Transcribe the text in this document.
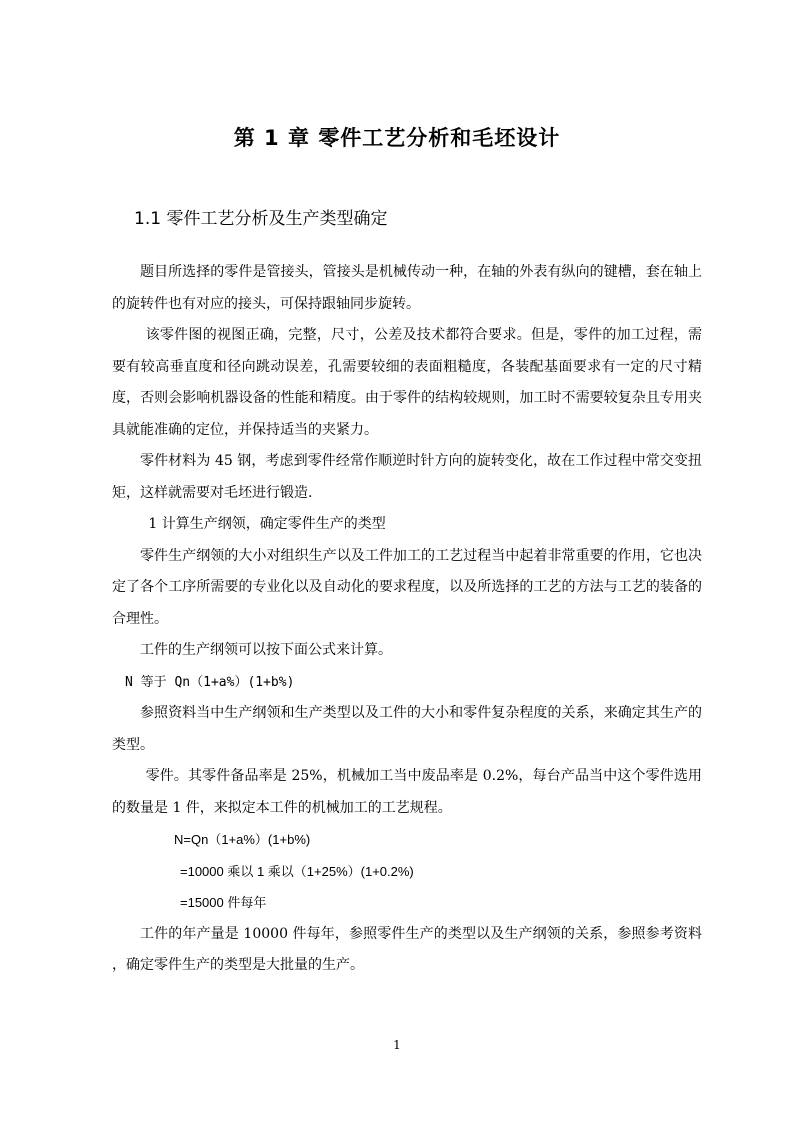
第 1 章 零件工艺分析和毛坯设计
1.1 零件工艺分析及生产类型确定

题目所选择的零件是管接头，管接头是机械传动一种，在轴的外表有纵向的键槽，套在轴上的旋转件也有对应的接头，可保持跟轴同步旋转。

该零件图的视图正确，完整，尺寸，公差及技术都符合要求。但是，零件的加工过程，需要有较高垂直度和径向跳动误差，孔需要较细的表面粗糙度，各装配基面要求有一定的尺寸精度，否则会影响机器设备的性能和精度。由于零件的结构较规则，加工时不需要较复杂且专用夹具就能准确的定位，并保持适当的夹紧力。

零件材料为 45 钢，考虑到零件经常作顺逆时针方向的旋转变化，故在工作过程中常交变扭矩，这样就需要对毛坯进行锻造.

1 计算生产纲领，确定零件生产的类型

零件生产纲领的大小对组织生产以及工件加工的工艺过程当中起着非常重要的作用，它也决定了各个工序所需要的专业化以及自动化的要求程度，以及所选择的工艺的方法与工艺的装备的合理性。

工件的生产纲领可以按下面公式来计算。

N 等于 Qn（1+a%）(1+b%)

参照资料当中生产纲领和生产类型以及工件的大小和零件复杂程度的关系，来确定其生产的类型。

零件。其零件备品率是 25%，机械加工当中废品率是 0.2%，每台产品当中这个零件选用的数量是 1 件，来拟定本工件的机械加工的工艺规程。

N=Qn（1+a%）(1+b%)

=10000 乘以 1 乘以（1+25%）(1+0.2%)

=15000 件每年

工件的年产量是 10000 件每年，参照零件生产的类型以及生产纲领的关系，参照参考资料 ，确定零件生产的类型是大批量的生产。

1
